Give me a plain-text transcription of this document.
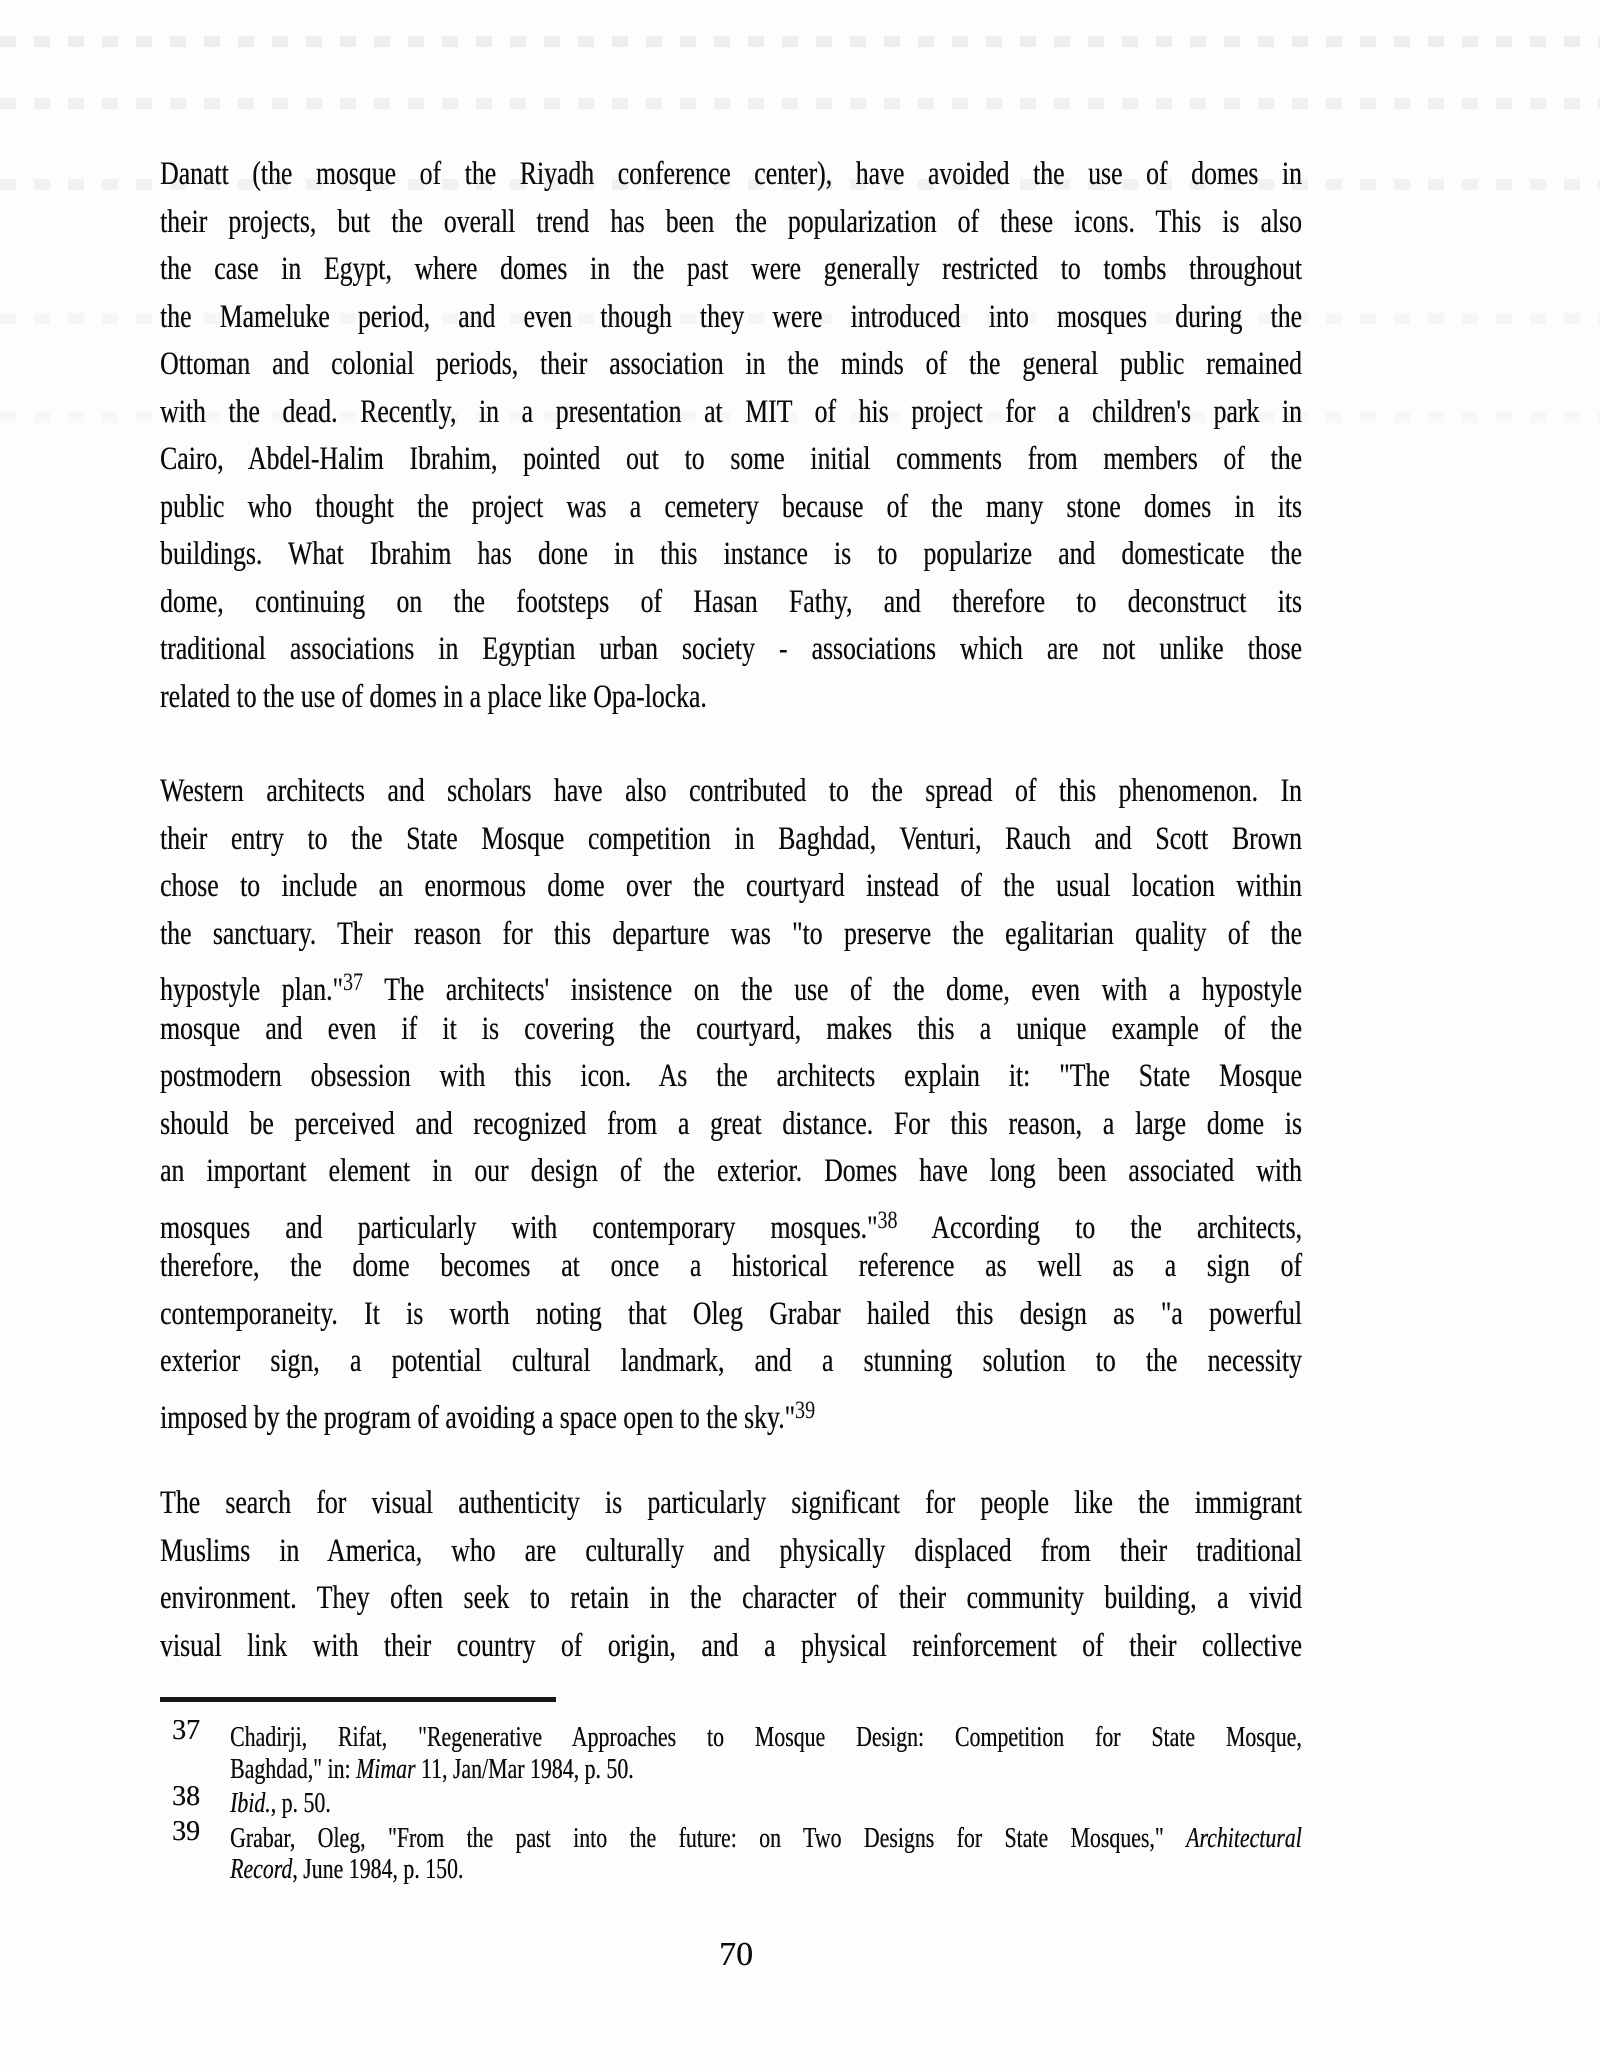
Danatt (the mosque of the Riyadh conference center), have avoided the use of domes in
their projects, but the overall trend has been the popularization of these icons. This is also
the case in Egypt, where domes in the past were generally restricted to tombs throughout
the Mameluke period, and even though they were introduced into mosques during the
Ottoman and colonial periods, their association in the minds of the general public remained
with the dead. Recently, in a presentation at MIT of his project for a children's park in
Cairo, Abdel-Halim Ibrahim, pointed out to some initial comments from members of the
public who thought the project was a cemetery because of the many stone domes in its
buildings. What Ibrahim has done in this instance is to popularize and domesticate the
dome, continuing on the footsteps of Hasan Fathy, and therefore to deconstruct its
traditional associations in Egyptian urban society - associations which are not unlike those
related to the use of domes in a place like Opa-locka.
Western architects and scholars have also contributed to the spread of this phenomenon. In
their entry to the State Mosque competition in Baghdad, Venturi, Rauch and Scott Brown
chose to include an enormous dome over the courtyard instead of the usual location within
the sanctuary. Their reason for this departure was "to preserve the egalitarian quality of the
hypostyle plan."$^{37}$ The architects' insistence on the use of the dome, even with a hypostyle
mosque and even if it is covering the courtyard, makes this a unique example of the
postmodern obsession with this icon. As the architects explain it: "The State Mosque
should be perceived and recognized from a great distance. For this reason, a large dome is
an important element in our design of the exterior. Domes have long been associated with
mosques and particularly with contemporary mosques."$^{38}$ According to the architects,
therefore, the dome becomes at once a historical reference as well as a sign of
contemporaneity. It is worth noting that Oleg Grabar hailed this design as "a powerful
exterior sign, a potential cultural landmark, and a stunning solution to the necessity
imposed by the program of avoiding a space open to the sky."$^{39}$
The search for visual authenticity is particularly significant for people like the immigrant
Muslims in America, who are culturally and physically displaced from their traditional
environment. They often seek to retain in the character of their community building, a vivid
visual link with their country of origin, and a physical reinforcement of their collective
37 Chadirji, Rifat, "Regenerative Approaches to Mosque Design: Competition for State Mosque,
Baghdad," in: Mimar 11, Jan/Mar 1984, p. 50.
38 Ibid., p. 50.
39 Grabar, Oleg, "From the past into the future: on Two Designs for State Mosques," Architectural
Record, June 1984, p. 150.
70
